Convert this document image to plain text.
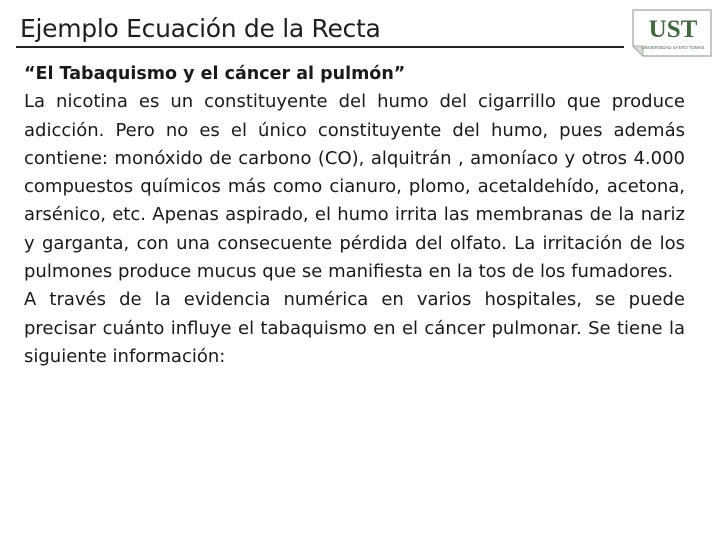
Ejemplo Ecuación de la Recta	UST
UNIVERSIDAD SANTO TOMAS

“El Tabaquismo y el cáncer al pulmón”

La nicotina es un constituyente del humo del cigarrillo que produce adicción. Pero no es el único constituyente del humo, pues además contiene: monóxido de carbono (CO), alquitrán , amoníaco y otros 4.000 compuestos químicos más como cianuro, plomo, acetaldehído, acetona, arsénico, etc. Apenas aspirado, el humo irrita las membranas de la nariz y garganta, con una consecuente pérdida del olfato. La irritación de los pulmones produce mucus que se manifiesta en la tos de los fumadores.

A través de la evidencia numérica en varios hospitales, se puede precisar cuánto influye el tabaquismo en el cáncer pulmonar. Se tiene la siguiente información:
